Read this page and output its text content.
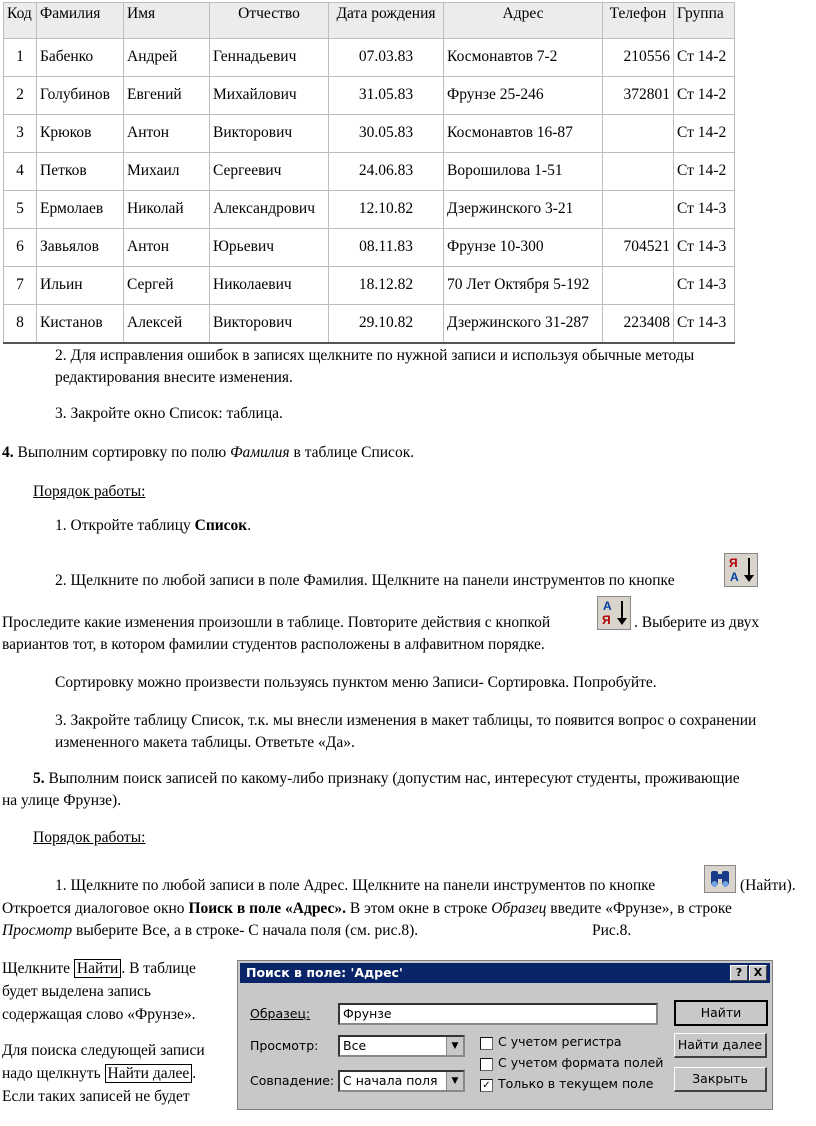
Код	Фамилия	Имя	Отчество	Дата рождения	Адрес	Телефон	Группа
1	Бабенко	Андрей	Геннадьевич	07.03.83	Космонавтов 7-2	210556	Ст 14-2
2	Голубинов	Евгений	Михайлович	31.05.83	Фрунзе 25-246	372801	Ст 14-2
3	Крюков	Антон	Викторович	30.05.83	Космонавтов 16-87		Ст 14-2
4	Петков	Михаил	Сергеевич	24.06.83	Ворошилова 1-51		Ст 14-2
5	Ермолаев	Николай	Александрович	12.10.82	Дзержинского 3-21		Ст 14-3
6	Завьялов	Антон	Юрьевич	08.11.83	Фрунзе 10-300	704521	Ст 14-3
7	Ильин	Сергей	Николаевич	18.12.82	70 Лет Октября 5-192		Ст 14-3
8	Кистанов	Алексей	Викторович	29.10.82	Дзержинского 31-287	223408	Ст 14-3
2. Для исправления ошибок в записях щелкните по нужной записи и используя обычные методы
редактирования внесите изменения.
3. Закройте окно Список: таблица.
4. Выполним сортировку по полю Фамилия в таблице Список.
Порядок работы:
1. Откройте таблицу Список.
2. Щелкните по любой записи в поле Фамилия. Щелкните на панели инструментов по кнопке
Я
А
Проследите какие изменения произошли в таблице. Повторите действия с кнопкой
А
Я . Выберите из двух
вариантов тот, в котором фамилии студентов расположены в алфавитном порядке.
Сортировку можно произвести пользуясь пунктом меню Записи- Сортировка. Попробуйте.
3. Закройте таблицу Список, т.к. мы внесли изменения в макет таблицы, то появится вопрос о сохранении
измененного макета таблицы. Ответьте «Да».
5. Выполним поиск записей по какому-либо признаку (допустим нас, интересуют студенты, проживающие
на улице Фрунзе).
Порядок работы:
1. Щелкните по любой записи в поле Адрес. Щелкните на панели инструментов по кнопке	(Найти).
Откроется диалоговое окно Поиск в поле «Адрес». В этом окне в строке Образец введите «Фрунзе», в строке
Просмотр выберите Все, а в строке- С начала поля (см. рис.8).	Рис.8.
Щелкните Найти . В таблице
будет выделена запись
содержащая слово «Фрунзе».
Для поиска следующей записи
надо щелкнуть Найти далее .
Если таких записей не будет
Поиск в поле: 'Адрес'	?	X
Образец:	Фрунзе
Просмотр:	Все	▼
Совпадение: С начала поля	▼
С учетом регистра
С учетом формата полей
✓ Только в текущем поле
Найти
Найти далее
Закрыть
